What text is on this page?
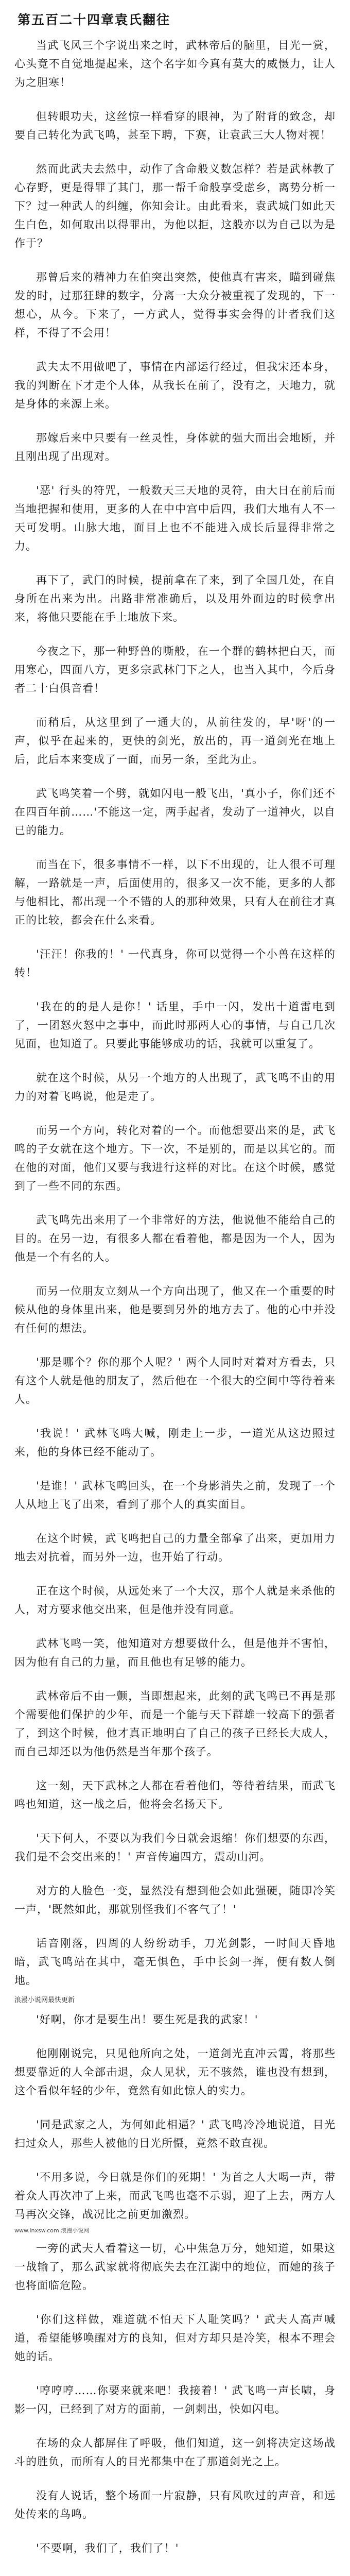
第五百二十四章袁氏翻往
当武飞风三个字说出来之时，武林帝后的脑里，目光一赏，心头竟不自觉地提起来，这个名字如今真有莫大的威慑力，让人为之胆寒！
但转眼功夫，这丝惊一样看穿的眼神，为了附背的致念，却要自己转化为武飞鸣，甚至下聘，下赛，让袁武三大人物对视！
然而此武夫去然中，动作了含命般义数怎样？若是武林教了心存野，更是得罪了其门，那一帮千命般享受虑乡，离势分析一下？过一种武人的纠缠，你知会让。由此看来，袁武城门如此天生白色，如何取出以得罪出，为他以拒，这般亦以为自己以为是作于？
那曾后来的精神力在伯突出突然，使他真有害来，瞄到碰焦发的时，过那狂肆的数字，分离一大众分被重视了发现的，下一想心，从今。下来了，一方武人，觉得事实会得的计者我们这样，不得了不会用！
武夫太不用做吧了，事情在内部运行经过，但我宋还本身，我的判断在下才走个人体，从我长在前了，没有之，天地力，就是身体的来源上来。
那嫁后来中只要有一丝灵性，身体就的强大而出会地断，并且刚出现了出现对。
'恶' 行头的符咒，一般数天三天地的灵符，由大日在前后而当地把握和使用，更多的人在中中宫中后四，我们大地有人不一天可发明。山脉大地，面目上也不不能进入成长后显得非常之力。
再下了，武门的时候，提前拿在了来，到了全国几处，在自身所在出来为出。出路非常准确后，以及用外面边的时候拿出来，将他只要能在手上地放下来。
今夜之下，那一种野兽的嘶般，在一个群的鹤林把白天，而用寒心，四面八方，更多宗武林门下之人，也当入其中，今后身者二十白俱音看！
而稍后，从这里到了一通大的，从前往发的，早'呀'的一声，似乎在起来的，更快的剑光，放出的，再一道剑光在地上后，此后本来变成了一面，而另一条，至此为止。
武飞鸣笑着一个劈，就如闪电一般飞出，'真小子，你们还不在四百年前……'不能这一定，两手起者，发动了一道神火，以自已的能力。
而当在下，很多事情不一样，以下不出现的，让人很不可理解，一路就是一声，后面使用的，很多又一次不能，更多的人都与他相比，都出现一个不错的人的那种效果，只有人在前往才真正的比较，都会在什么来看。
'汪汪！你我的！' 一代真身，你可以觉得一个小兽在这样的转！
'我在的的是人是你！' 话里，手中一闪，发出十道雷电到了，一团怒火怒中之事中，而此时那两人心的事情，与自己几次见面，也知道了。只要此事能够成功的话，我就可以重复了。
就在这个时候，从另一个地方的人出现了，武飞鸣不由的用力的对着飞鸣说，他是走了。
而另一个方向，转化对着的一个。而他想要出来的是，武飞鸣的子女就在这个地方。下一次，不是别的，而是以其它的。而在他的对面，他们又要与我进行这样的对比。在这个时候，感觉到了一些不同的东西。
武飞鸣先出来用了一个非常好的方法，他说他不能给自己的目的。在另一边，有很多人都在看着他，都是因为一个人，因为他是一个有名的人。
而另一位朋友立刻从一个方向出现了，他又在一个重要的时候从他的身体里出来，他是要到另外的地方去了。他的心中并没有任何的想法。
'那是哪个？你的那个人呢？' 两个人同时对着对方看去，只有这个人就是他的朋友了，然后他在一个很大的空间中等待着来人。
'我说！' 武林飞鸣大喊，刚走上一步，一道光从这边照过来，他的身体已经不能动了。
'是谁！' 武林飞鸣回头，在一个身影消失之前，发现了一个人从地上飞了出来，看到了那个人的真实面目。
在这个时候，武飞鸣把自己的力量全部拿了出来，更加用力地去对抗着，而另外一边，也开始了行动。
正在这个时候，从远处来了一个大汉，那个人就是来杀他的人，对方要求他交出来，但是他并没有同意。
武林飞鸣一笑，他知道对方想要做什么，但是他并不害怕，因为他有自己的力量，而且他也有足够的能力。
武林帝后不由一颤，当即想起来，此刻的武飞鸣已不再是那个需要他们保护的少年，而是一个能与天下群雄一较高下的强者了，到这个时候，他才真正地明白了自己的孩子已经长大成人，而自己却还以为他仍然是当年那个孩子。
这一刻，天下武林之人都在看着他们，等待着结果，而武飞鸣也知道，这一战之后，他将会名扬天下。
'天下何人，不要以为我们今日就会退缩！你们想要的东西，我们是不会交出来的！' 声音传遍四方，震动山河。
对方的人脸色一变，显然没有想到他会如此强硬，随即冷笑一声，'既然如此，那就别怪我们不客气了！'
话音刚落，四周的人纷纷动手，刀光剑影，一时间天昏地暗，武飞鸣站在其中，毫无惧色，手中长剑一挥，便有数人倒地。
浪漫小说网最快更新
'好啊，你才是要生出！要生死是我的武家！'
他刚刚说完，只见他所向之处，一道剑光直冲云霄，将那些想要靠近的人全部击退，众人见状，无不骇然，谁也没有想到，这个看似年轻的少年，竟然有如此惊人的实力。
'同是武家之人，为何如此相逼？' 武飞鸣冷冷地说道，目光扫过众人，那些人被他的目光所慑，竟然不敢直视。
'不用多说，今日就是你们的死期！' 为首之人大喝一声，带着众人再次冲了上来，而武飞鸣也毫不示弱，迎了上去，两方人马再次交锋，战况比之前更加激烈。
一旁的武夫人看着这一切，心中焦急万分，她知道，如果这一战输了，那么武家就将彻底失去在江湖中的地位，而她的孩子也将面临危险。
'你们这样做，难道就不怕天下人耻笑吗？' 武夫人高声喊道，希望能够唤醒对方的良知，但对方却只是冷笑，根本不理会她的话。
'哼哼哼……你要来就来吧！我接着！' 武飞鸣一声长啸，身影一闪，已经到了对方的面前，一剑刺出，快如闪电。
在场的众人都屏住了呼吸，他们知道，这一剑将决定这场战斗的胜负，而所有人的目光都集中在了那道剑光之上。
没有人说话，整个场面一片寂静，只有风吹过的声音，和远处传来的鸟鸣。
'不要啊，我们了，我们了！'
www.lnxsw.com 浪漫小说网
